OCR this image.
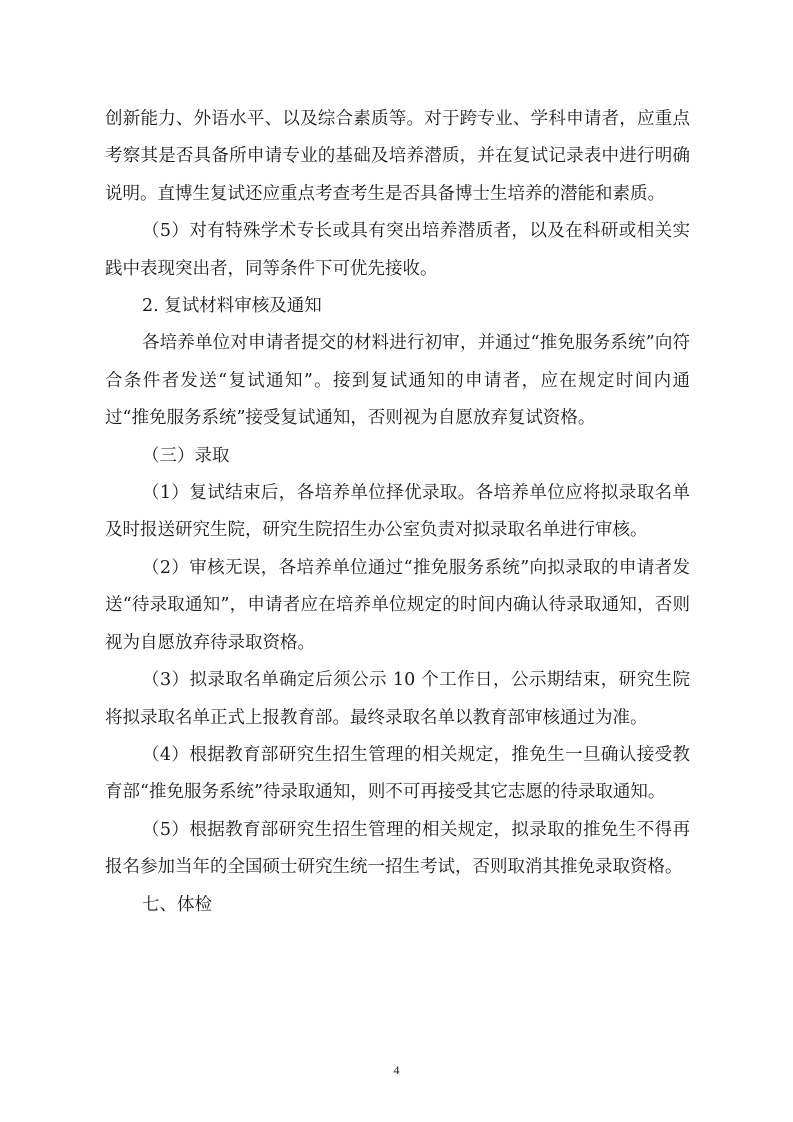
创新能力、外语水平、以及综合素质等。对于跨专业、学科申请者，应重点考察其是否具备所申请专业的基础及培养潜质，并在复试记录表中进行明确说明。直博生复试还应重点考查考生是否具备博士生培养的潜能和素质。

（5）对有特殊学术专长或具有突出培养潜质者，以及在科研或相关实践中表现突出者，同等条件下可优先接收。

2. 复试材料审核及通知

各培养单位对申请者提交的材料进行初审，并通过“推免服务系统”向符合条件者发送“复试通知”。接到复试通知的申请者，应在规定时间内通过“推免服务系统”接受复试通知，否则视为自愿放弃复试资格。

（三）录取

（1）复试结束后，各培养单位择优录取。各培养单位应将拟录取名单及时报送研究生院，研究生院招生办公室负责对拟录取名单进行审核。

（2）审核无误，各培养单位通过“推免服务系统”向拟录取的申请者发送“待录取通知”，申请者应在培养单位规定的时间内确认待录取通知，否则视为自愿放弃待录取资格。

（3）拟录取名单确定后须公示 10 个工作日，公示期结束，研究生院将拟录取名单正式上报教育部。最终录取名单以教育部审核通过为准。

（4）根据教育部研究生招生管理的相关规定，推免生一旦确认接受教育部“推免服务系统”待录取通知，则不可再接受其它志愿的待录取通知。

（5）根据教育部研究生招生管理的相关规定，拟录取的推免生不得再报名参加当年的全国硕士研究生统一招生考试，否则取消其推免录取资格。

七、体检

4
